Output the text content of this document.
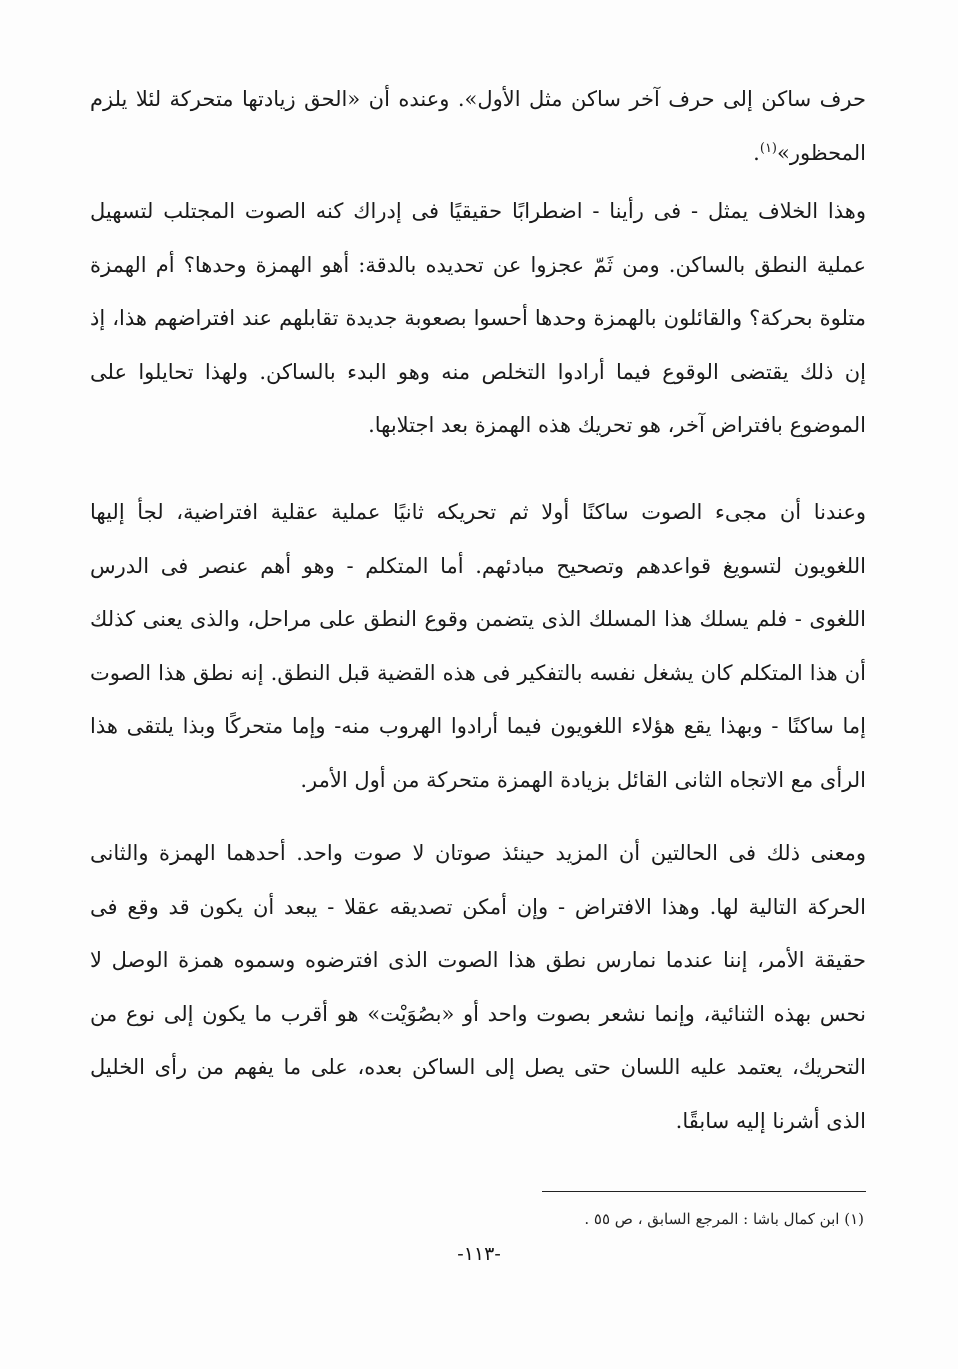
حرف ساكن إلى حرف آخر ساكن مثل الأول». وعنده أن «الحق زيادتها متحركة لئلا يلزم المحظور»$^{(١)}$.

وهذا الخلاف يمثل - فى رأينا - اضطرابًا حقيقيًا فى إدراك كنه الصوت المجتلب لتسهيل عملية النطق بالساكن. ومن ثَمّ عجزوا عن تحديده بالدقة: أهو الهمزة وحدها؟ أم الهمزة متلوة بحركة؟ والقائلون بالهمزة وحدها أحسوا بصعوبة جديدة تقابلهم عند افتراضهم هذا، إذ إن ذلك يقتضى الوقوع فيما أرادوا التخلص منه وهو البدء بالساكن. ولهذا تحايلوا على الموضوع بافتراض آخر، هو تحريك هذه الهمزة بعد اجتلابها.

وعندنا أن مجىء الصوت ساكنًا أولا ثم تحريكه ثانيًا عملية عقلية افتراضية، لجأ إليها اللغويون لتسويغ قواعدهم وتصحيح مبادئهم. أما المتكلم - وهو أهم عنصر فى الدرس اللغوى - فلم يسلك هذا المسلك الذى يتضمن وقوع النطق على مراحل، والذى يعنى كذلك أن هذا المتكلم كان يشغل نفسه بالتفكير فى هذه القضية قبل النطق. إنه نطق هذا الصوت إما ساكنًا - وبهذا يقع هؤلاء اللغويون فيما أرادوا الهروب منه- وإما متحركًا وبذا يلتقى هذا الرأى مع الاتجاه الثانى القائل بزيادة الهمزة متحركة من أول الأمر.

ومعنى ذلك فى الحالتين أن المزيد حينئذ صوتان لا صوت واحد. أحدهما الهمزة والثانى الحركة التالية لها. وهذا الافتراض - وإن أمكن تصديقه عقلا - يبعد أن يكون قد وقع فى حقيقة الأمر، إننا عندما نمارس نطق هذا الصوت الذى افترضوه وسموه همزة الوصل لا نحس بهذه الثنائية، وإنما نشعر بصوت واحد أو «بصُوَيْت» هو أقرب ما يكون إلى نوع من التحريك، يعتمد عليه اللسان حتى يصل إلى الساكن بعده، على ما يفهم من رأى الخليل الذى أشرنا إليه سابقًا.

(١) ابن كمال باشا : المرجع السابق ، ص ٥٥ .

-١١٣-
